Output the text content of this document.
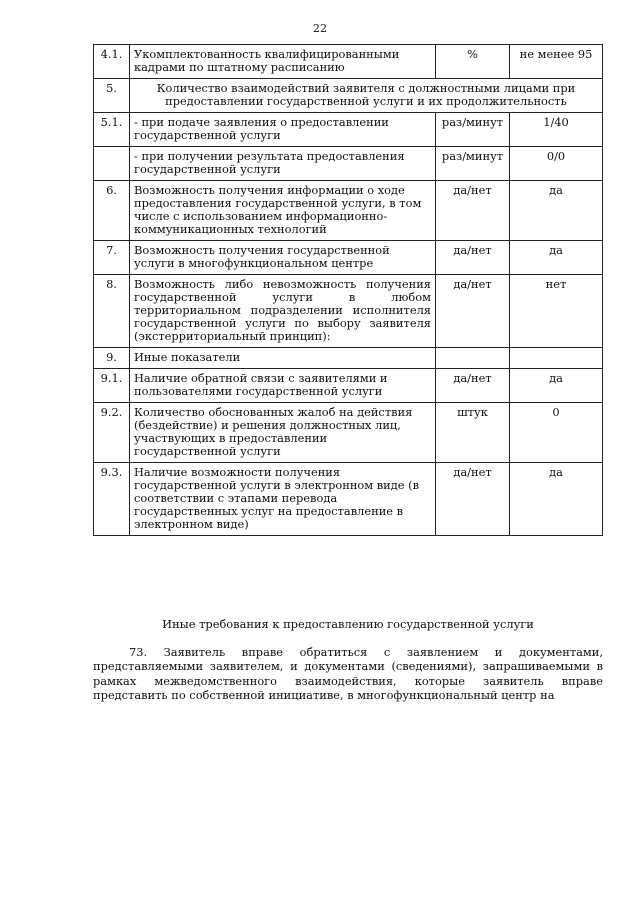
22
4.1.	Укомплектованность квалифицированными кадрами по штатному расписанию	%	не менее 95
5.	Количество взаимодействий заявителя с должностными лицами при предоставлении государственной услуги и их продолжительность		
5.1.	- при подаче заявления о предоставлении государственной услуги	раз/минут	1/40
	- при получении результата предоставления государственной услуги	раз/минут	0/0
6.	Возможность получения информации о ходе предоставления государственной услуги, в том числе с использованием информационно-коммуникационных технологий	да/нет	да
7.	Возможность получения государственной услуги в многофункциональном центре	да/нет	да
8.	Возможность либо невозможность получения государственной услуги в любом территориальном подразделении исполнителя государственной услуги по выбору заявителя (экстерриториальный принцип):	да/нет	нет
9.	Иные показатели		
9.1.	Наличие обратной связи с заявителями и пользователями государственной услуги	да/нет	да
9.2.	Количество обоснованных жалоб на действия (бездействие) и решения должностных лиц, участвующих в предоставлении государственной услуги	штук	0
9.3.	Наличие возможности получения государственной услуги в электронном виде (в соответствии с этапами перевода государственных услуг на предоставление в электронном виде)	да/нет	да
Иные требования к предоставлению государственной услуги
73. Заявитель вправе обратиться с заявлением и документами, представляемыми заявителем, и документами (сведениями), запрашиваемыми в рамках межведомственного взаимодействия, которые заявитель вправе представить по собственной инициативе, в многофункциональный центр на
